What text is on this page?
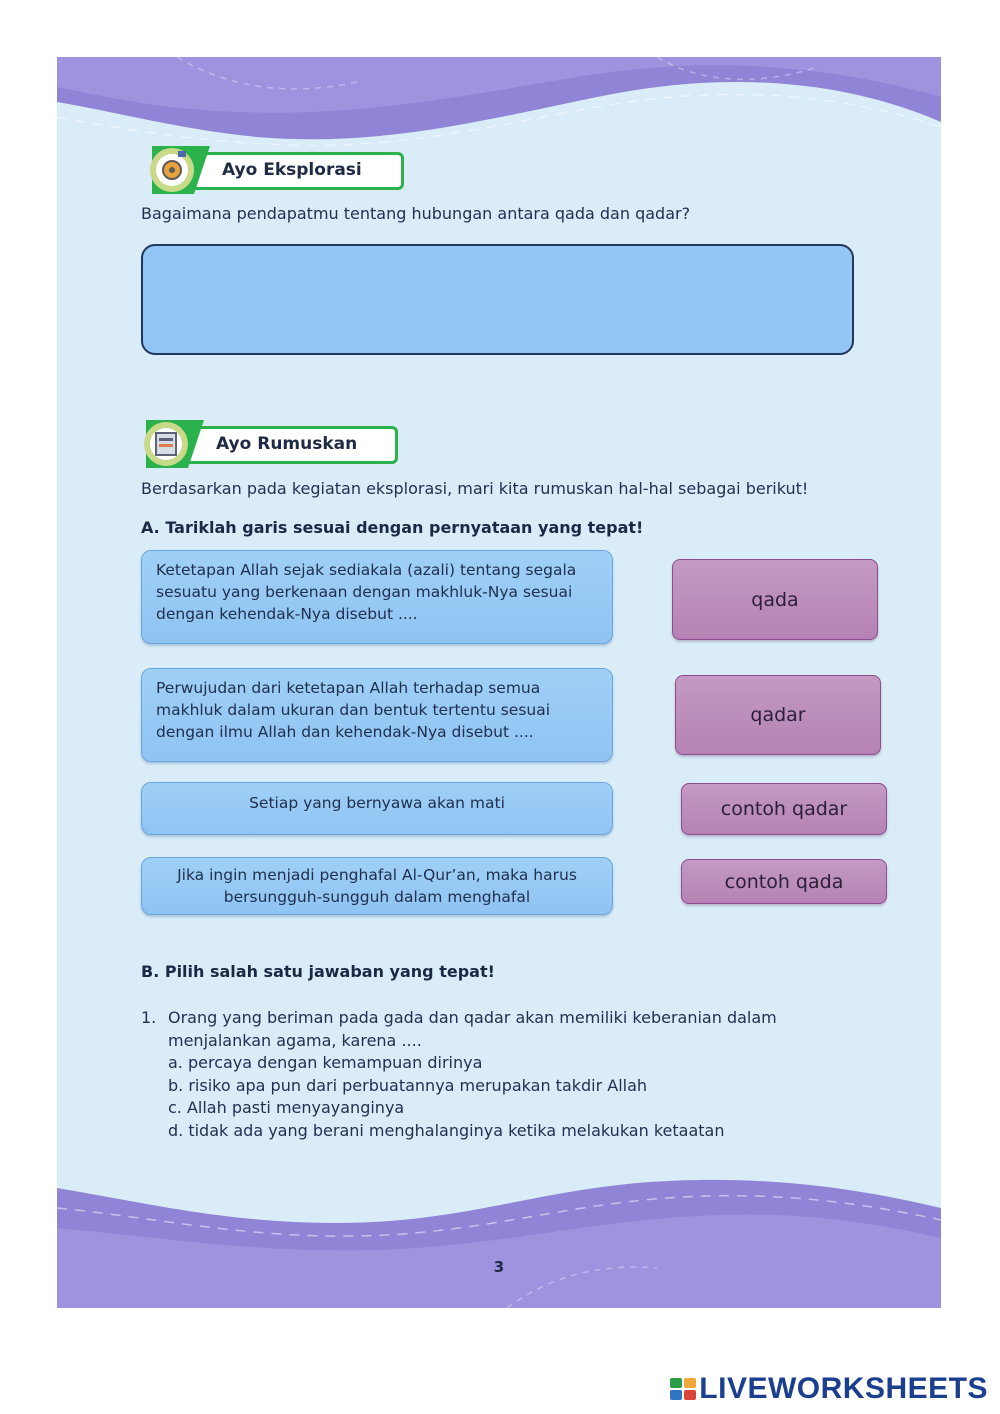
Ayo Eksplorasi
Bagaimana pendapatmu tentang hubungan antara qada dan qadar?
Ayo Rumuskan
Berdasarkan pada kegiatan eksplorasi, mari kita rumuskan hal-hal sebagai berikut!
A. Tariklah garis sesuai dengan pernyataan yang tepat!
Ketetapan Allah sejak sediakala (azali) tentang segala sesuatu yang berkenaan dengan makhluk-Nya sesuai dengan kehendak-Nya disebut ....
Perwujudan dari ketetapan Allah terhadap semua makhluk dalam ukuran dan bentuk tertentu sesuai dengan ilmu Allah dan kehendak-Nya disebut ....
Setiap yang bernyawa akan mati
Jika ingin menjadi penghafal Al-Qur’an, maka harus bersungguh-sungguh dalam menghafal
qada
qadar
contoh qadar
contoh qada
B. Pilih salah satu jawaban yang tepat!
1. Orang yang beriman pada gada dan qadar akan memiliki keberanian dalam menjalankan agama, karena ....
a. percaya dengan kemampuan dirinya
b. risiko apa pun dari perbuatannya merupakan takdir Allah
c. Allah pasti menyayanginya
d. tidak ada yang berani menghalanginya ketika melakukan ketaatan
3
LIVEWORKSHEETS
